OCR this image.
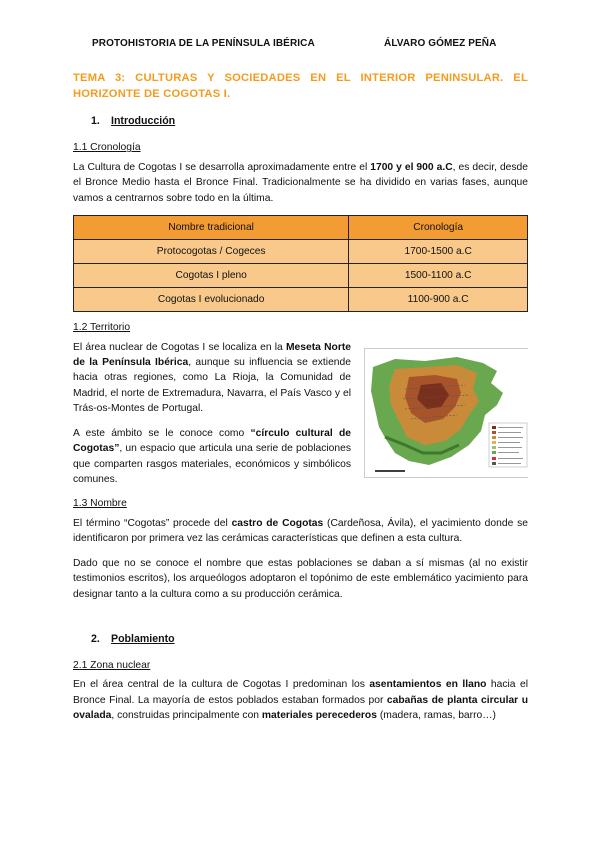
PROTOHISTORIA DE LA PENÍNSULA IBÉRICA	ÁLVARO GÓMEZ PEÑA
TEMA 3: CULTURAS Y SOCIEDADES EN EL INTERIOR PENINSULAR. EL HORIZONTE DE COGOTAS I.
1. Introducción
1.1 Cronología

La Cultura de Cogotas I se desarrolla aproximadamente entre el 1700 y el 900 a.C, es decir, desde el Bronce Medio hasta el Bronce Final. Tradicionalmente se ha dividido en varias fases, aunque vamos a centrarnos sobre todo en la última.

Nombre tradicional	Cronología
Protocogotas / Cogeces	1700-1500 a.C
Cogotas I pleno	1500-1100 a.C
Cogotas I evolucionado	1100-900 a.C
1.2 Territorio

El área nuclear de Cogotas I se localiza en la Meseta Norte de la Península Ibérica, aunque su influencia se extiende hacia otras regiones, como La Rioja, la Comunidad de Madrid, el norte de Extremadura, Navarra, el País Vasco y el Trás-os-Montes de Portugal.

A este ámbito se le conoce como “círculo cultural de Cogotas”, un espacio que articula una serie de poblaciones que comparten rasgos materiales, económicos y simbólicos comunes.

1.3 Nombre

El término “Cogotas” procede del castro de Cogotas (Cardeñosa, Ávila), el yacimiento donde se identificaron por primera vez las cerámicas características que definen a esta cultura.

Dado que no se conoce el nombre que estas poblaciones se daban a sí mismas (al no existir testimonios escritos), los arqueólogos adoptaron el topónimo de este emblemático yacimiento para designar tanto a la cultura como a su producción cerámica.

2. Poblamiento
2.1 Zona nuclear

En el área central de la cultura de Cogotas I predominan los asentamientos en llano hacia el Bronce Final. La mayoría de estos poblados estaban formados por cabañas de planta circular u ovalada, construidas principalmente con materiales perecederos (madera, ramas, barro…)
